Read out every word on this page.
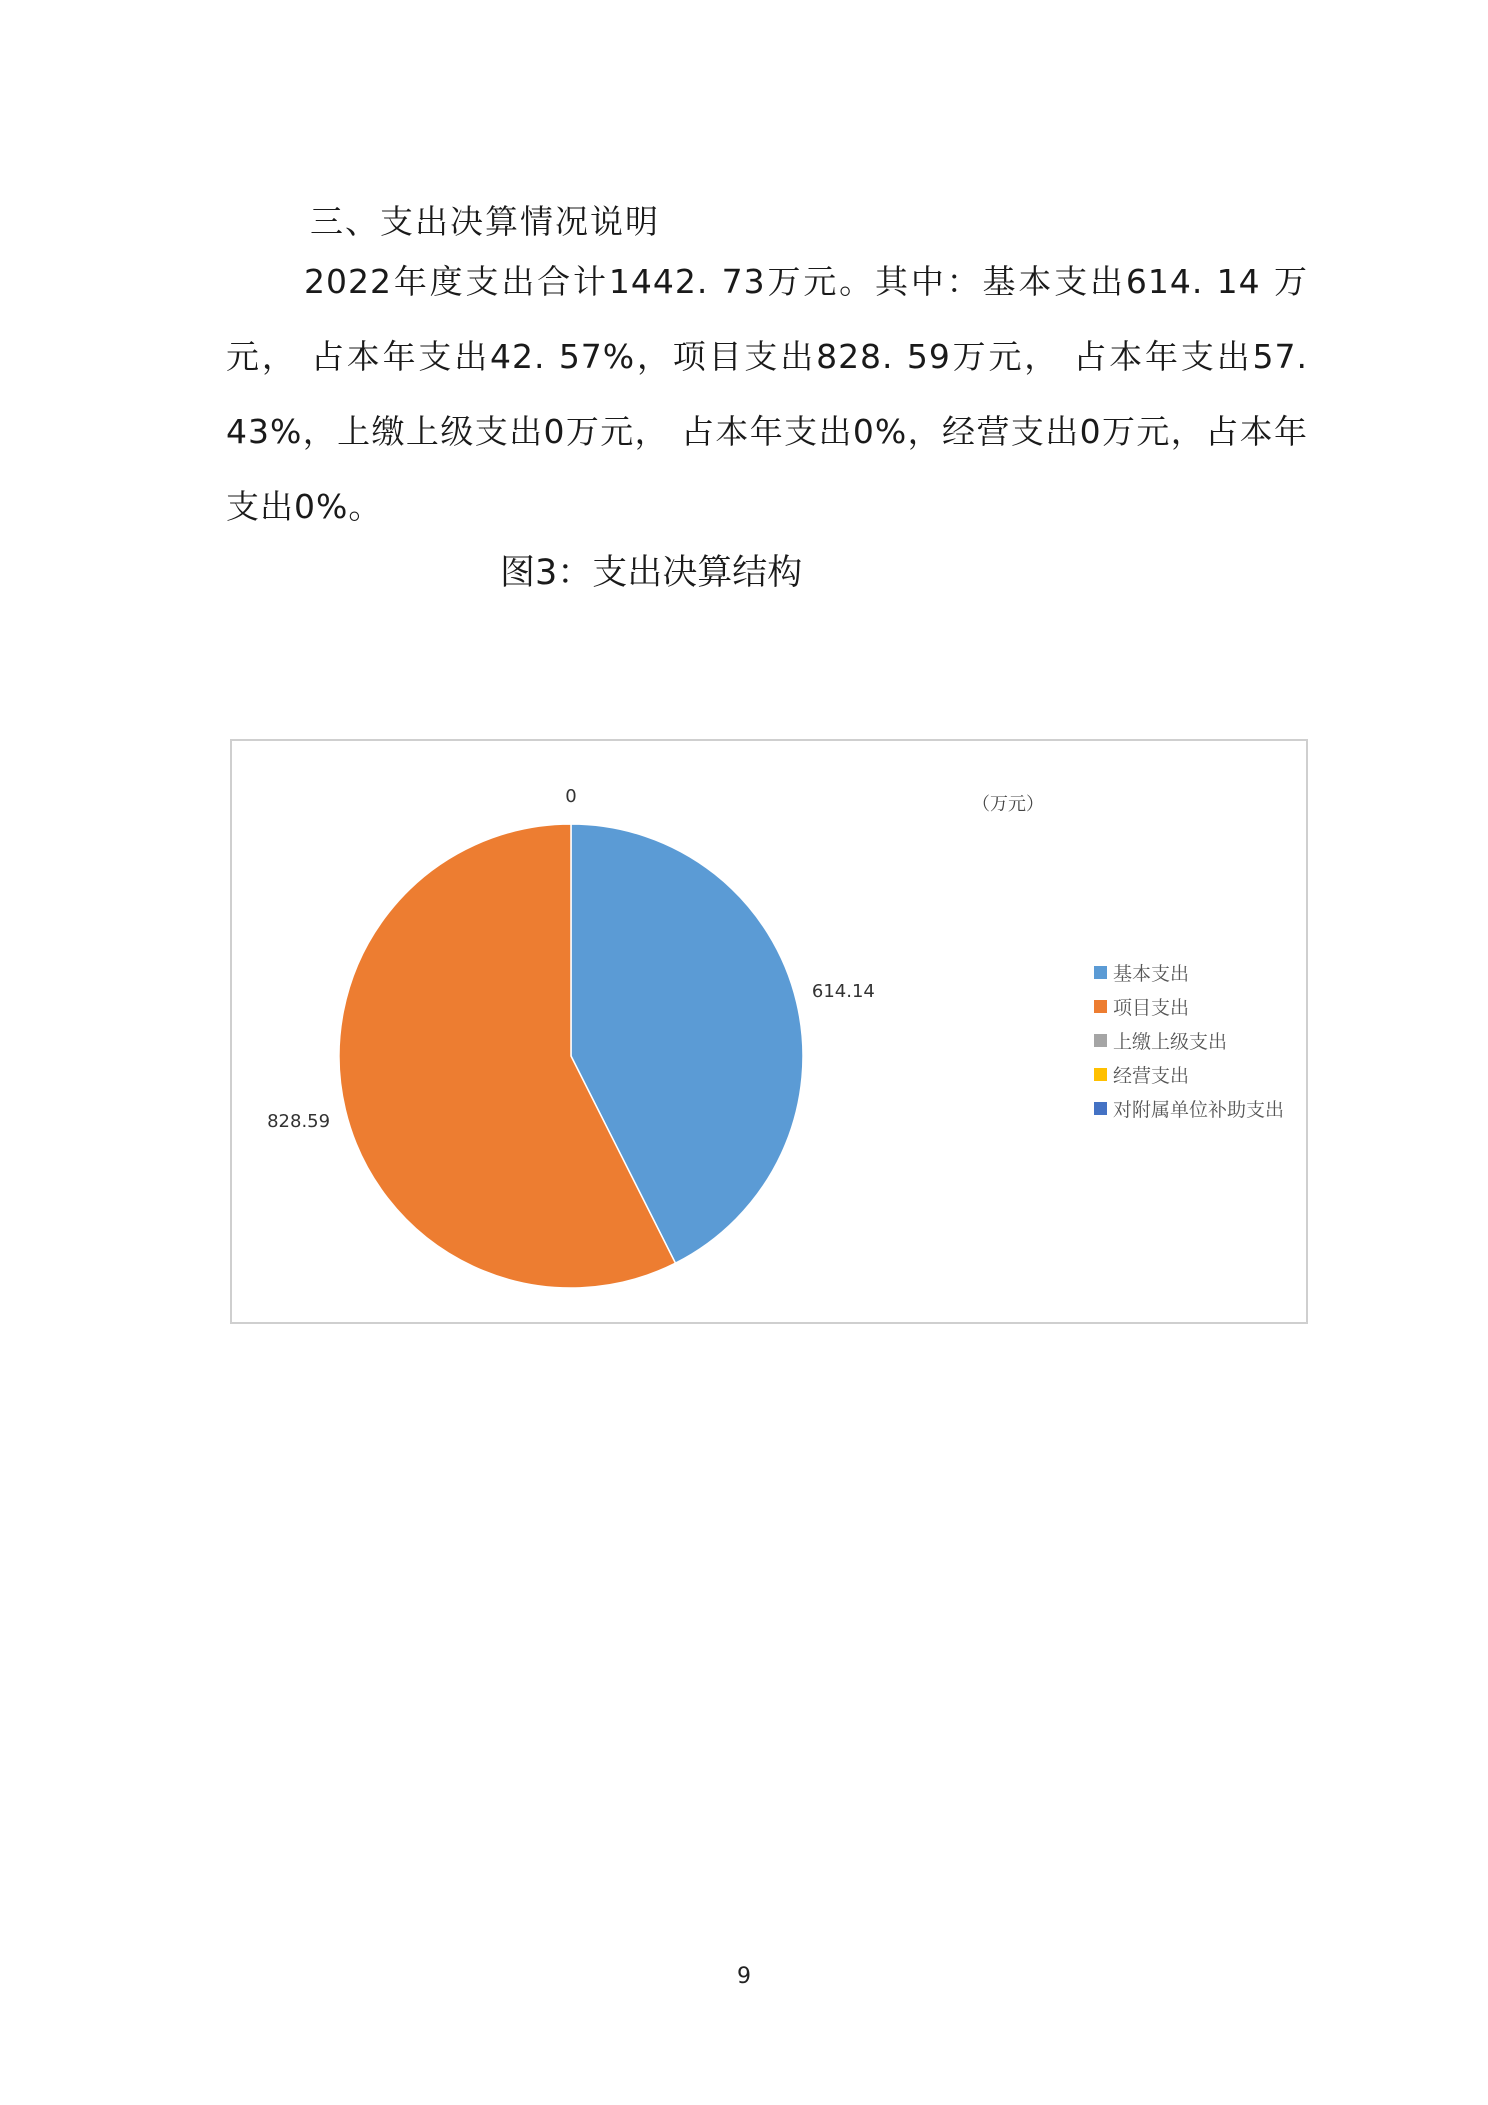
三、支出决算情况说明
2022年度支出合计1442. 73万元。其中：基本支出614. 14 万元， 占本年支出42. 57%，项目支出828. 59万元， 占本年支出57. 43%，上缴上级支出0万元， 占本年支出0%，经营支出0万元，占本年支出0%。
图3：支出决算结构
614.14
828.59
0	（万元）
基本支出
项目支出
上缴上级支出
经营支出
对附属单位补助支出
9
